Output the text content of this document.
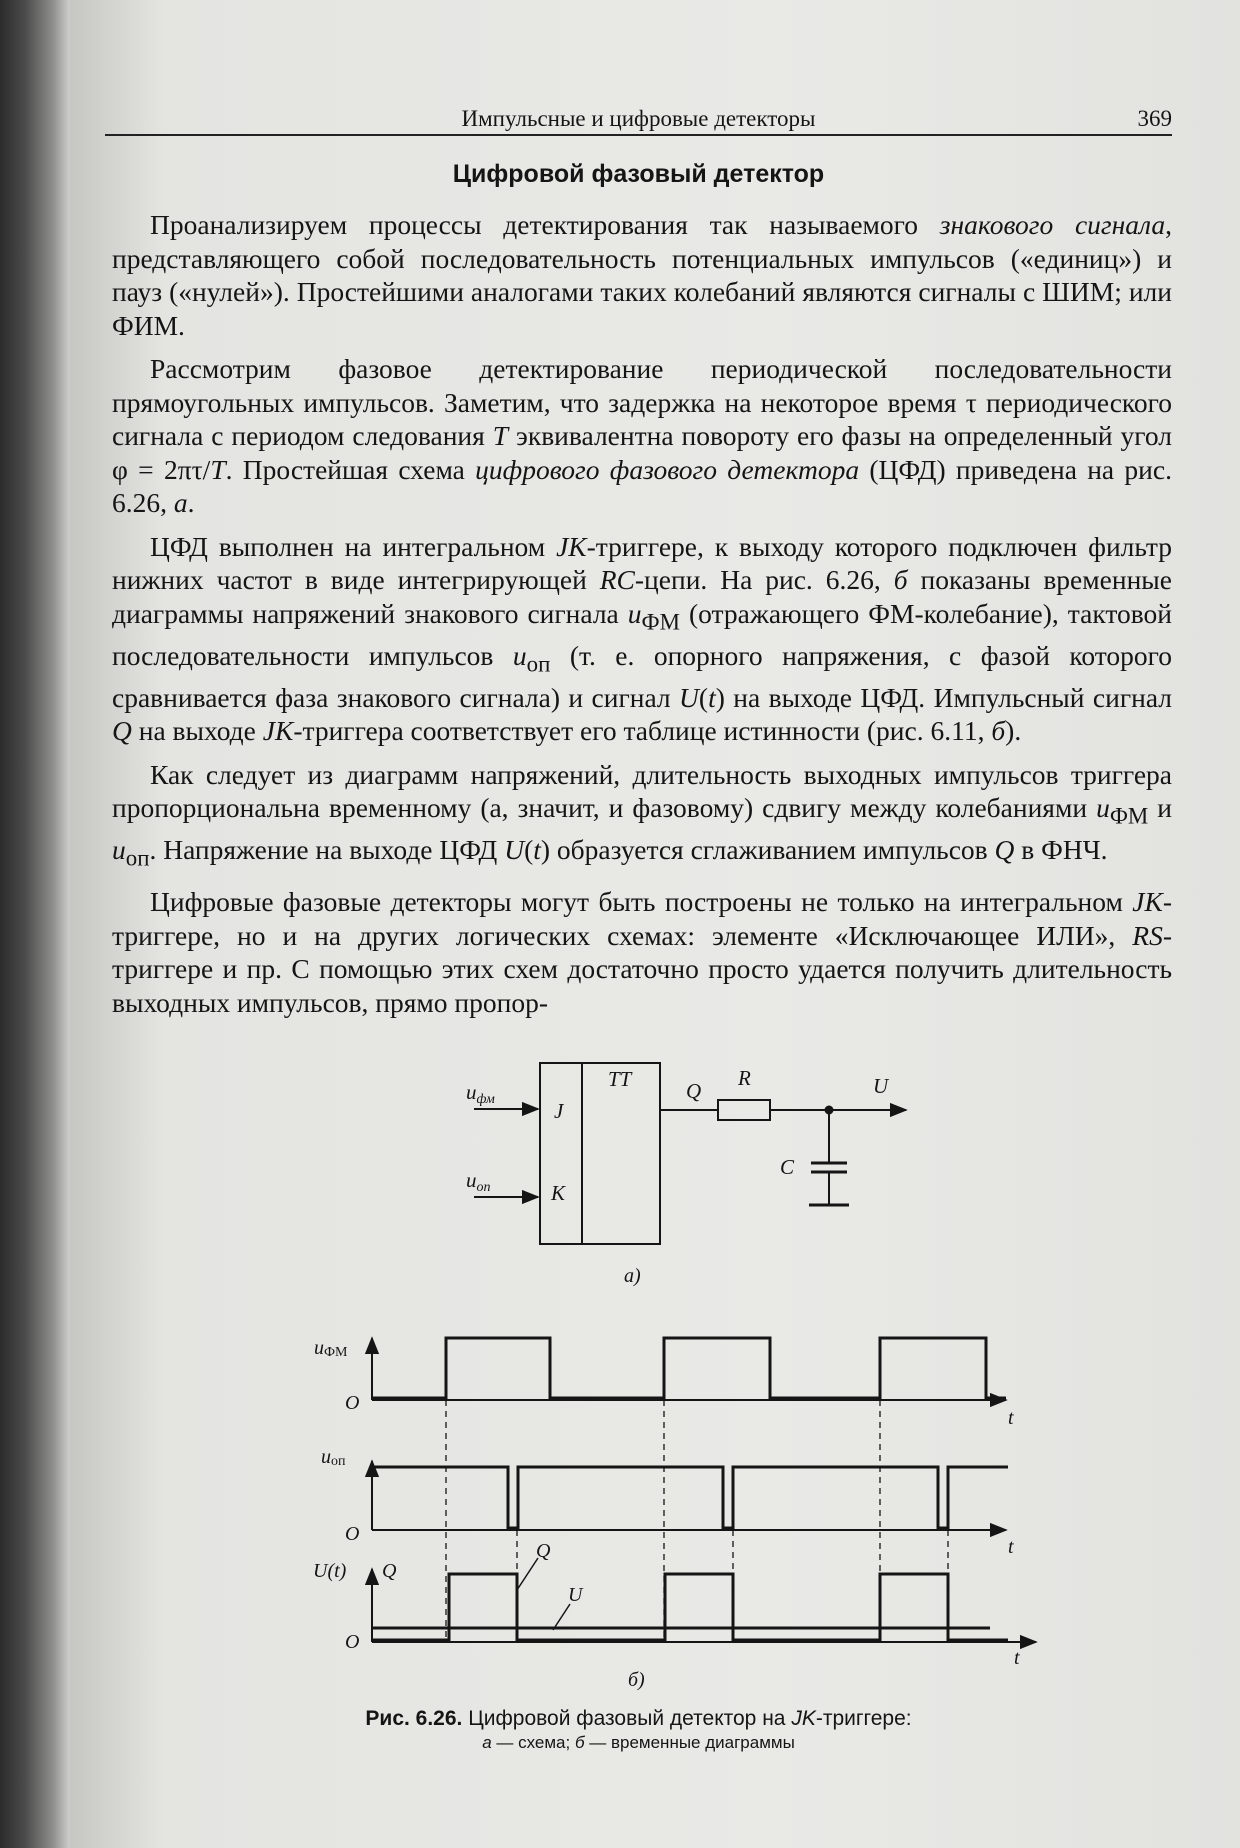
Импульсные и цифровые детекторы	369
Цифровой фазовый детектор

Проанализируем процессы детектирования так называемого знакового сигнала, представляющего собой последовательность потенциальных импульсов («единиц») и пауз («нулей»). Простейшими аналогами таких колебаний являются сигналы с ШИМ; или ФИМ.

Рассмотрим фазовое детектирование периодической последовательности прямоугольных импульсов. Заметим, что задержка на некоторое время τ периодического сигнала с периодом следования T эквивалентна повороту его фазы на определенный угол φ = 2πτ/T. Простейшая схема цифрового фазового детектора (ЦФД) приведена на рис. 6.26, а.

ЦФД выполнен на интегральном JK-триггере, к выходу которого подключен фильтр нижних частот в виде интегрирующей RC-цепи. На рис. 6.26, б показаны временные диаграммы напряжений знакового сигнала $u_{ФМ}$ (отражающего ФМ-колебание), тактовой последовательности импульсов $u_{оп}$ (т. е. опорного напряжения, с фазой которого сравнивается фаза знакового сигнала) и сигнал U(t) на выходе ЦФД. Импульсный сигнал Q на выходе JK-триггера соответствует его таблице истинности (рис. 6.11, б).

Как следует из диаграмм напряжений, длительность выходных импульсов триггера пропорциональна временному (а, значит, и фазовому) сдвигу между колебаниями $u_{ФМ}$ и $u_{оп}$. Напряжение на выходе ЦФД U(t) образуется сглаживанием импульсов Q в ФНЧ.

Цифровые фазовые детекторы могут быть построены не только на интегральном JK-триггере, но и на других логических схемах: элементе «Исключающее ИЛИ», RS-триггере и пр. С помощью этих схем достаточно просто удается получить длительность выходных импульсов, прямо пропор-

TT
J
K
uфм
uоп
Q
R
C
U
а)
uФМ
O
t
uоп
O
t
U(t) Q
O
t
Q
U
б)
Рис. 6.26. Цифровой фазовый детектор на JK-триггере:
а — схема; б — временные диаграммы
